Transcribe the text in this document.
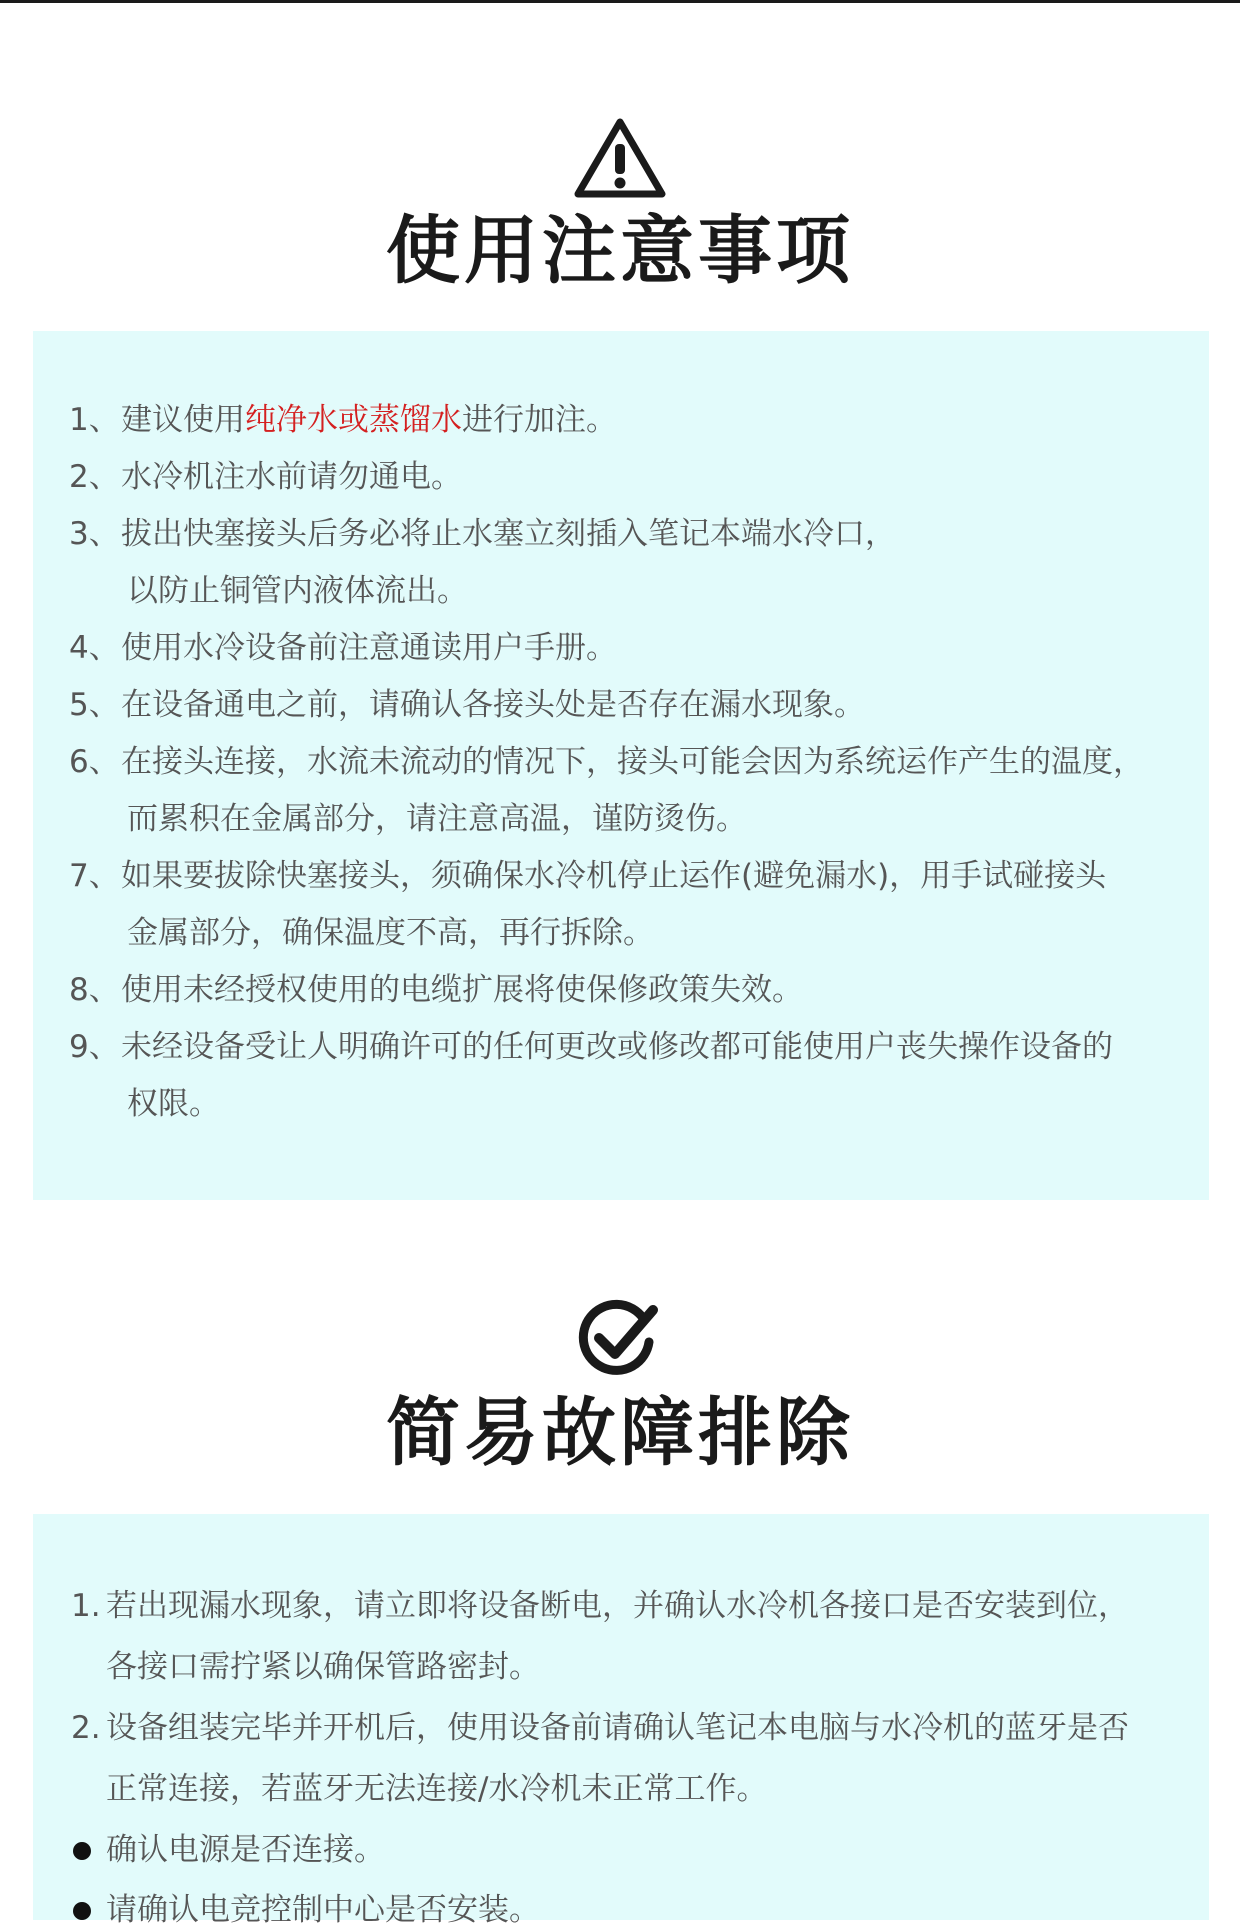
使用注意事项
1、 建议使用纯净水或蒸馏水进行加注。
2、 水冷机注水前请勿通电。
3、 拔出快塞接头后务必将止水塞立刻插入笔记本端水冷口，
以防止铜管内液体流出。
4、 使用水冷设备前注意通读用户手册。
5、 在设备通电之前，请确认各接头处是否存在漏水现象。
6、 在接头连接，水流未流动的情况下，接头可能会因为系统运作产生的温度，
而累积在金属部分，请注意高温，谨防烫伤。
7、 如果要拔除快塞接头，须确保水冷机停止运作(避免漏水)，用手试碰接头
金属部分，确保温度不高，再行拆除。
8、 使用未经授权使用的电缆扩展将使保修政策失效。
9、 未经设备受让人明确许可的任何更改或修改都可能使用户丧失操作设备的
权限。
简易故障排除
1. 若出现漏水现象，请立即将设备断电，并确认水冷机各接口是否安装到位，
各接口需拧紧以确保管路密封。
2. 设备组装完毕并开机后，使用设备前请确认笔记本电脑与水冷机的蓝牙是否
正常连接，若蓝牙无法连接/水冷机未正常工作。
确认电源是否连接。
请确认电竞控制中心是否安装。
